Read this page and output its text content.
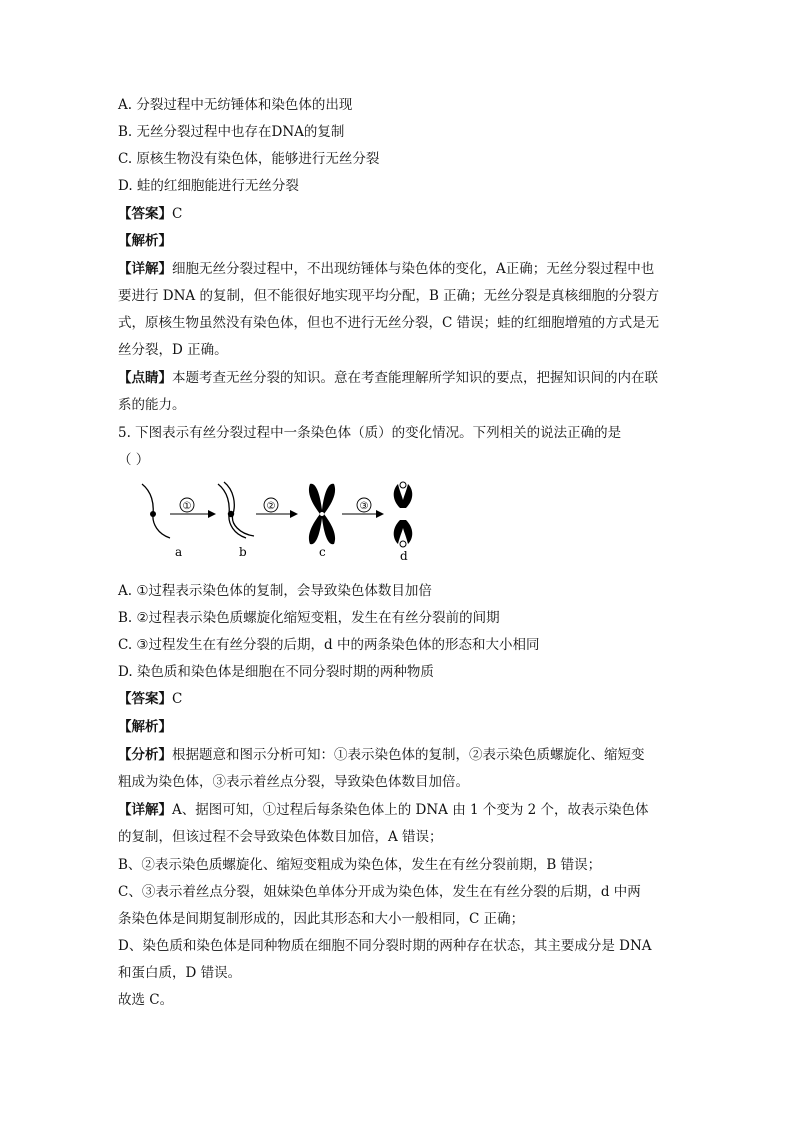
A. 分裂过程中无纺锤体和染色体的出现
B. 无丝分裂过程中也存在DNA的复制
C. 原核生物没有染色体，能够进行无丝分裂
D. 蛙的红细胞能进行无丝分裂
【答案】C
【解析】
【详解】细胞无丝分裂过程中，不出现纺锤体与染色体的变化，A正确；无丝分裂过程中也
要进行 DNA 的复制，但不能很好地实现平均分配，B 正确；无丝分裂是真核细胞的分裂方
式，原核生物虽然没有染色体，但也不进行无丝分裂，C 错误；蛙的红细胞增殖的方式是无
丝分裂，D 正确。
【点睛】本题考查无丝分裂的知识。意在考查能理解所学知识的要点，把握知识间的内在联
系的能力。
5. 下图表示有丝分裂过程中一条染色体（质）的变化情况。下列相关的说法正确的是
（ ）
a
①
b
②
c
③
d
A. ①过程表示染色体的复制，会导致染色体数目加倍
B. ②过程表示染色质螺旋化缩短变粗，发生在有丝分裂前的间期
C. ③过程发生在有丝分裂的后期，d 中的两条染色体的形态和大小相同
D. 染色质和染色体是细胞在不同分裂时期的两种物质
【答案】C
【解析】
【分析】根据题意和图示分析可知：①表示染色体的复制，②表示染色质螺旋化、缩短变
粗成为染色体，③表示着丝点分裂，导致染色体数目加倍。
【详解】A、据图可知，①过程后每条染色体上的 DNA 由 1 个变为 2 个，故表示染色体
的复制，但该过程不会导致染色体数目加倍，A 错误；
B、②表示染色质螺旋化、缩短变粗成为染色体，发生在有丝分裂前期，B 错误；
C、③表示着丝点分裂，姐妹染色单体分开成为染色体，发生在有丝分裂的后期，d 中两
条染色体是间期复制形成的，因此其形态和大小一般相同，C 正确；
D、染色质和染色体是同种物质在细胞不同分裂时期的两种存在状态，其主要成分是 DNA
和蛋白质，D 错误。
故选 C。
